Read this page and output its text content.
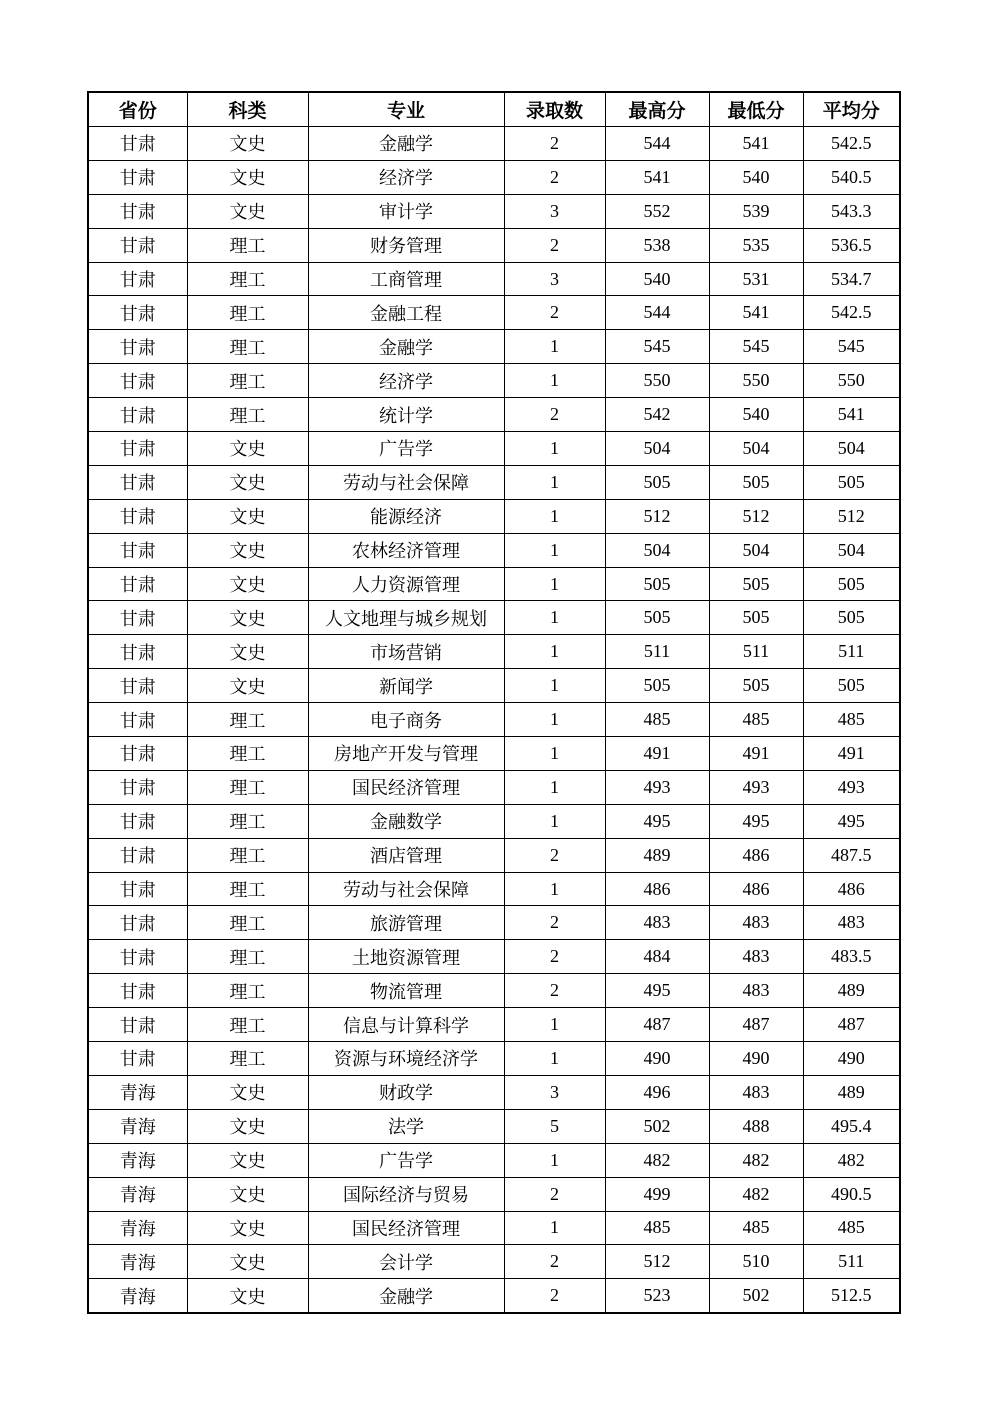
省份	科类	专业	录取数	最高分	最低分	平均分
甘肃	文史	金融学	2	544	541	542.5
甘肃	文史	经济学	2	541	540	540.5
甘肃	文史	审计学	3	552	539	543.3
甘肃	理工	财务管理	2	538	535	536.5
甘肃	理工	工商管理	3	540	531	534.7
甘肃	理工	金融工程	2	544	541	542.5
甘肃	理工	金融学	1	545	545	545
甘肃	理工	经济学	1	550	550	550
甘肃	理工	统计学	2	542	540	541
甘肃	文史	广告学	1	504	504	504
甘肃	文史	劳动与社会保障	1	505	505	505
甘肃	文史	能源经济	1	512	512	512
甘肃	文史	农林经济管理	1	504	504	504
甘肃	文史	人力资源管理	1	505	505	505
甘肃	文史	人文地理与城乡规划	1	505	505	505
甘肃	文史	市场营销	1	511	511	511
甘肃	文史	新闻学	1	505	505	505
甘肃	理工	电子商务	1	485	485	485
甘肃	理工	房地产开发与管理	1	491	491	491
甘肃	理工	国民经济管理	1	493	493	493
甘肃	理工	金融数学	1	495	495	495
甘肃	理工	酒店管理	2	489	486	487.5
甘肃	理工	劳动与社会保障	1	486	486	486
甘肃	理工	旅游管理	2	483	483	483
甘肃	理工	土地资源管理	2	484	483	483.5
甘肃	理工	物流管理	2	495	483	489
甘肃	理工	信息与计算科学	1	487	487	487
甘肃	理工	资源与环境经济学	1	490	490	490
青海	文史	财政学	3	496	483	489
青海	文史	法学	5	502	488	495.4
青海	文史	广告学	1	482	482	482
青海	文史	国际经济与贸易	2	499	482	490.5
青海	文史	国民经济管理	1	485	485	485
青海	文史	会计学	2	512	510	511
青海	文史	金融学	2	523	502	512.5
